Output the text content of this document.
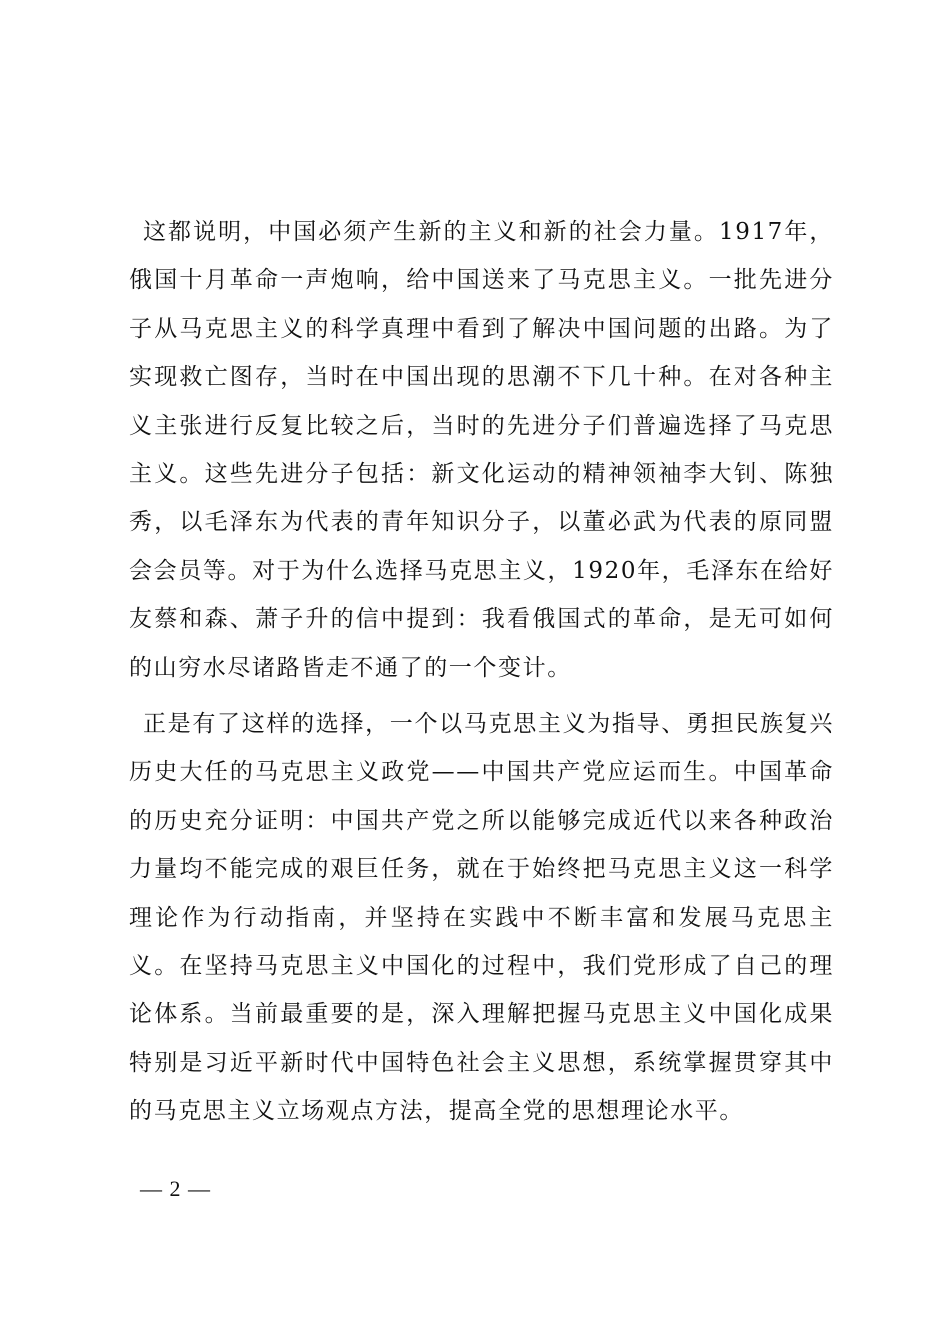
这都说明，中国必须产生新的主义和新的社会力量。1917年，俄国十月革命一声炮响，给中国送来了马克思主义。一批先进分子从马克思主义的科学真理中看到了解决中国问题的出路。为了实现救亡图存，当时在中国出现的思潮不下几十种。在对各种主义主张进行反复比较之后，当时的先进分子们普遍选择了马克思主义。这些先进分子包括：新文化运动的精神领袖李大钊、陈独秀，以毛泽东为代表的青年知识分子，以董必武为代表的原同盟会会员等。对于为什么选择马克思主义，1920年，毛泽东在给好友蔡和森、萧子升的信中提到：我看俄国式的革命，是无可如何的山穷水尽诸路皆走不通了的一个变计。

正是有了这样的选择，一个以马克思主义为指导、勇担民族复兴历史大任的马克思主义政党——中国共产党应运而生。中国革命的历史充分证明：中国共产党之所以能够完成近代以来各种政治力量均不能完成的艰巨任务，就在于始终把马克思主义这一科学理论作为行动指南，并坚持在实践中不断丰富和发展马克思主义。在坚持马克思主义中国化的过程中，我们党形成了自己的理论体系。当前最重要的是，深入理解把握马克思主义中国化成果特别是习近平新时代中国特色社会主义思想，系统掌握贯穿其中的马克思主义立场观点方法，提高全党的思想理论水平。

— 2 —
